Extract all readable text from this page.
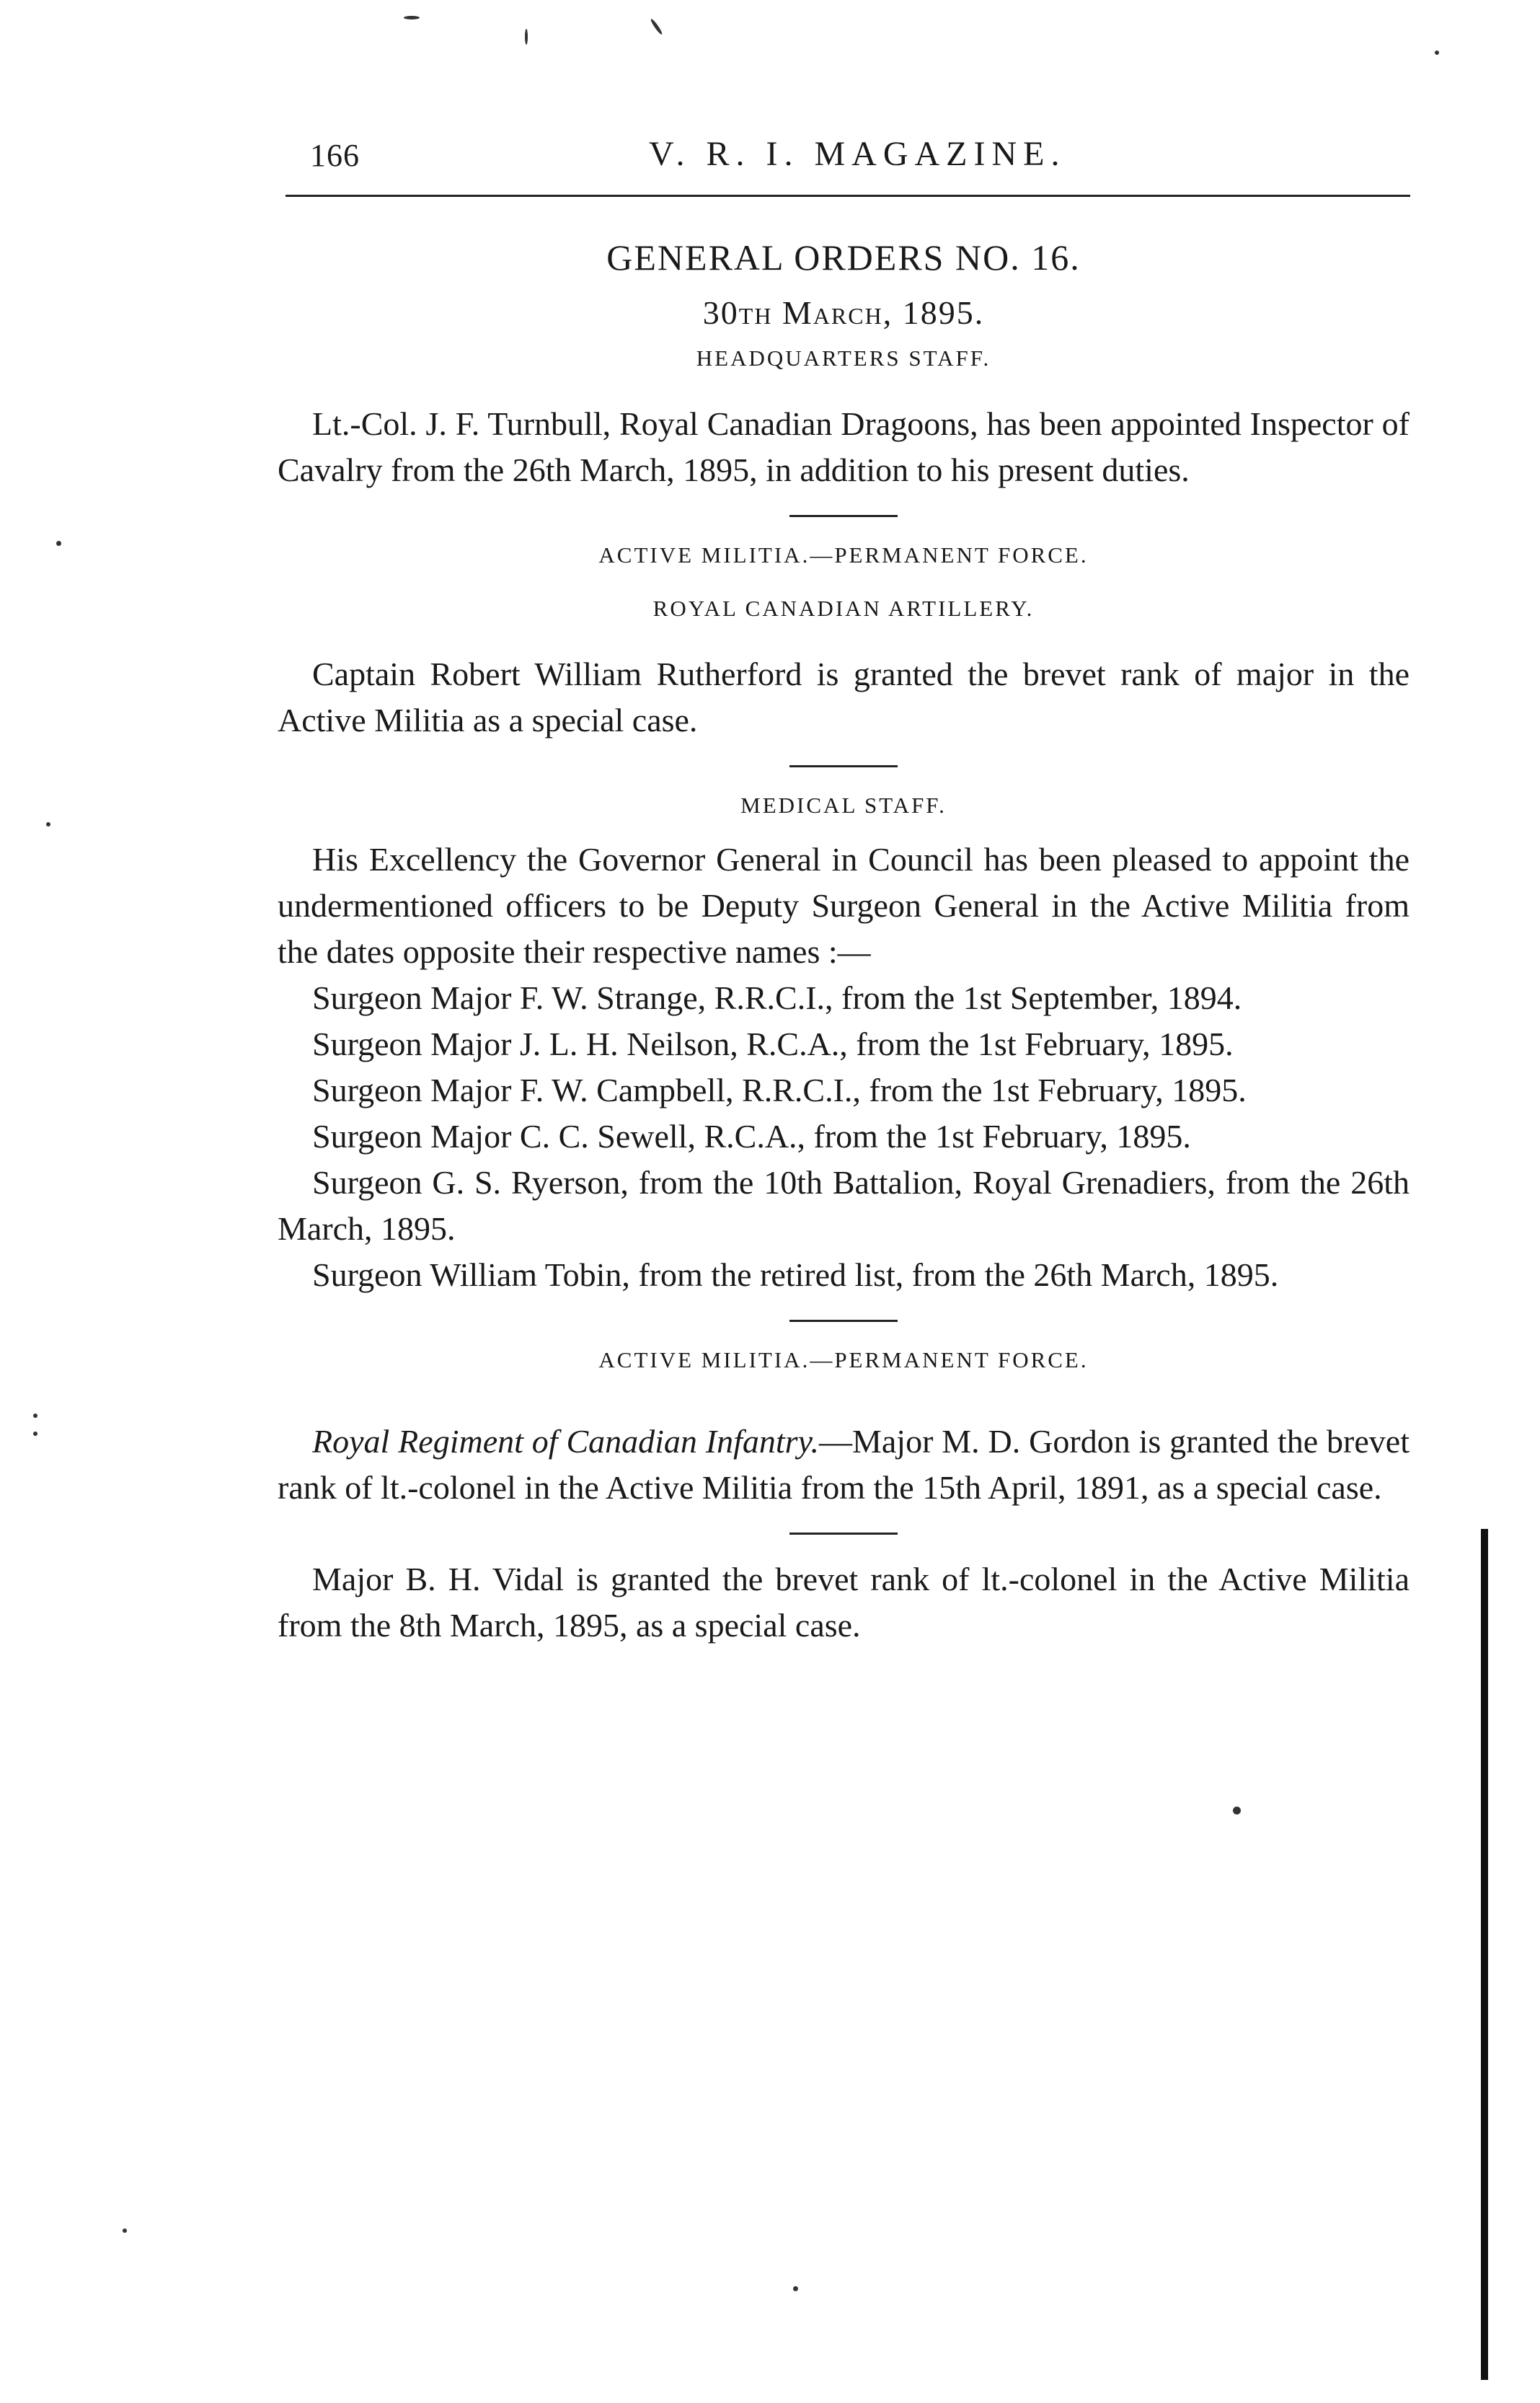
166	V. R. I. MAGAZINE.
GENERAL ORDERS NO. 16.
30th March, 1895.
HEADQUARTERS STAFF.

Lt.-Col. J. F. Turnbull, Royal Canadian Dragoons, has been appointed Inspector of Cavalry from the 26th March, 1895, in addition to his present duties.

ACTIVE MILITIA.—PERMANENT FORCE.
ROYAL CANADIAN ARTILLERY.

Captain Robert William Rutherford is granted the brevet rank of major in the Active Militia as a special case.

MEDICAL STAFF.

His Excellency the Governor General in Council has been pleased to appoint the undermentioned officers to be Deputy Surgeon General in the Active Militia from the dates opposite their respective names :—

Surgeon Major F. W. Strange, R.R.C.I., from the 1st September, 1894.

Surgeon Major J. L. H. Neilson, R.C.A., from the 1st February, 1895.

Surgeon Major F. W. Campbell, R.R.C.I., from the 1st February, 1895.

Surgeon Major C. C. Sewell, R.C.A., from the 1st February, 1895.

Surgeon G. S. Ryerson, from the 10th Battalion, Royal Grenadiers, from the 26th March, 1895.

Surgeon William Tobin, from the retired list, from the 26th March, 1895.

ACTIVE MILITIA.—PERMANENT FORCE.

Royal Regiment of Canadian Infantry.—Major M. D. Gordon is granted the brevet rank of lt.-colonel in the Active Militia from the 15th April, 1891, as a special case.

Major B. H. Vidal is granted the brevet rank of lt.-colonel in the Active Militia from the 8th March, 1895, as a special case.
